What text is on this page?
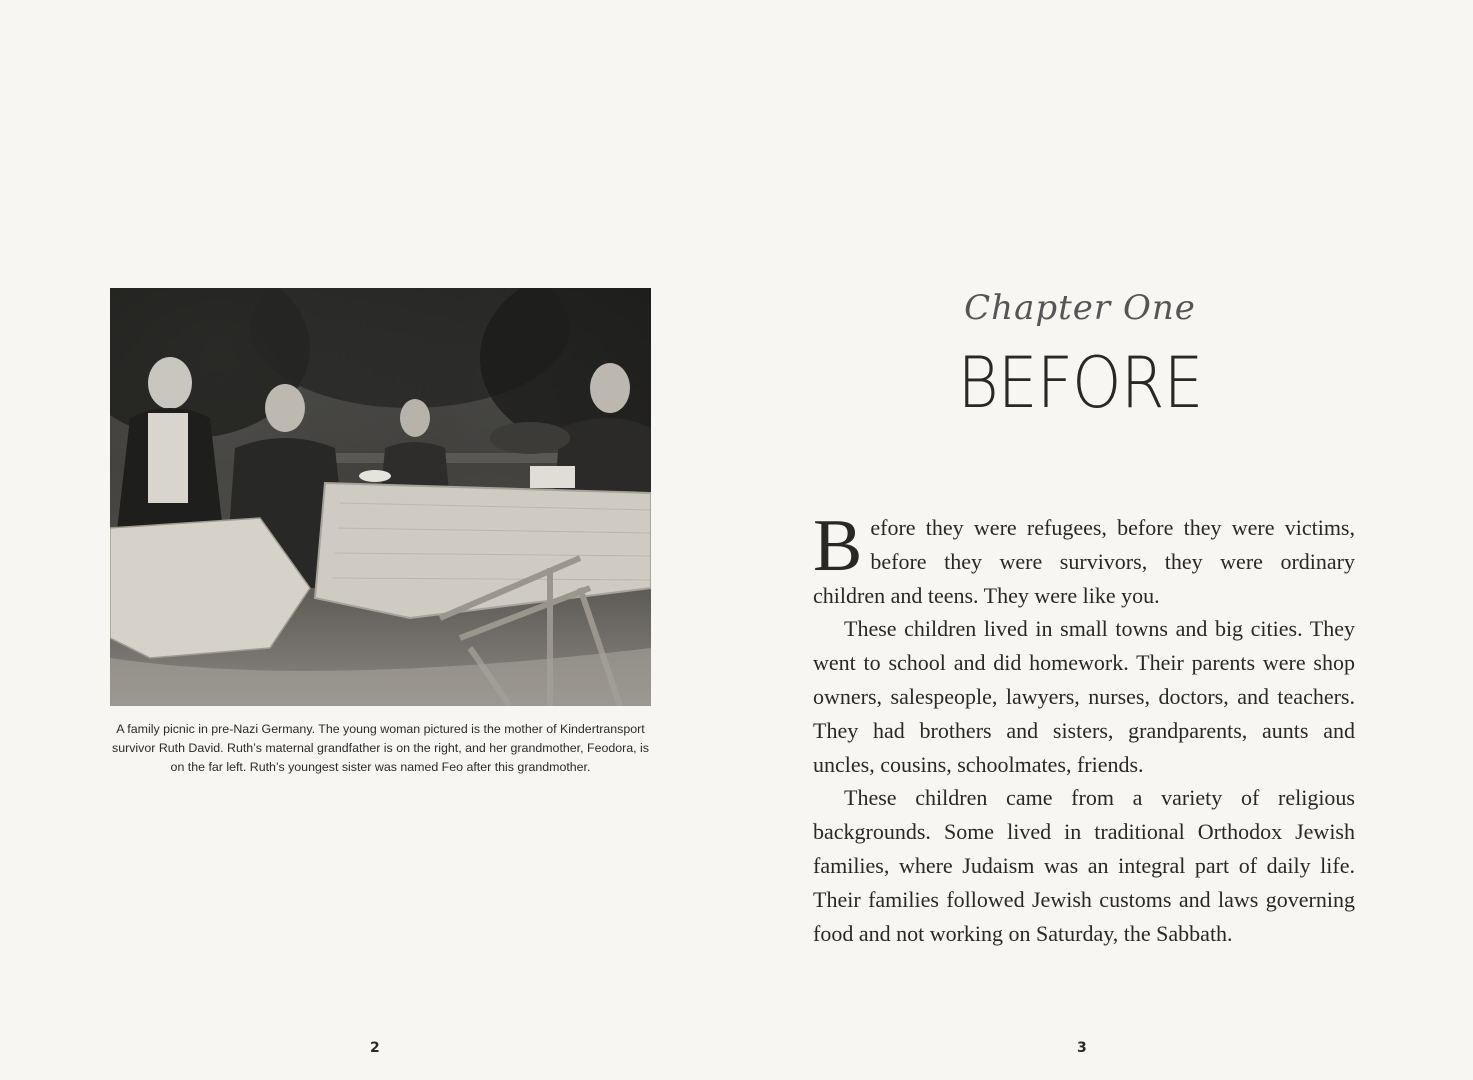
A family picnic in pre-Nazi Germany. The young woman pictured is the mother of Kindertransport survivor Ruth David. Ruth’s maternal grandfather is on the right, and her grandmother, Feodora, is on the far left. Ruth’s youngest sister was named Feo after this grandmother.

2
Chapter One
BEFORE

Before they were refugees, before they were victims, before they were survivors, they were ordinary children and teens. They were like you.

These children lived in small towns and big cities. They went to school and did homework. Their parents were shop owners, salespeople, lawyers, nurses, doctors, and teachers. They had brothers and sisters, grandparents, aunts and uncles, cousins, schoolmates, friends.

These children came from a variety of religious backgrounds. Some lived in traditional Orthodox Jewish families, where Judaism was an integral part of daily life. Their families followed Jewish customs and laws governing food and not working on Saturday, the Sabbath.

3
